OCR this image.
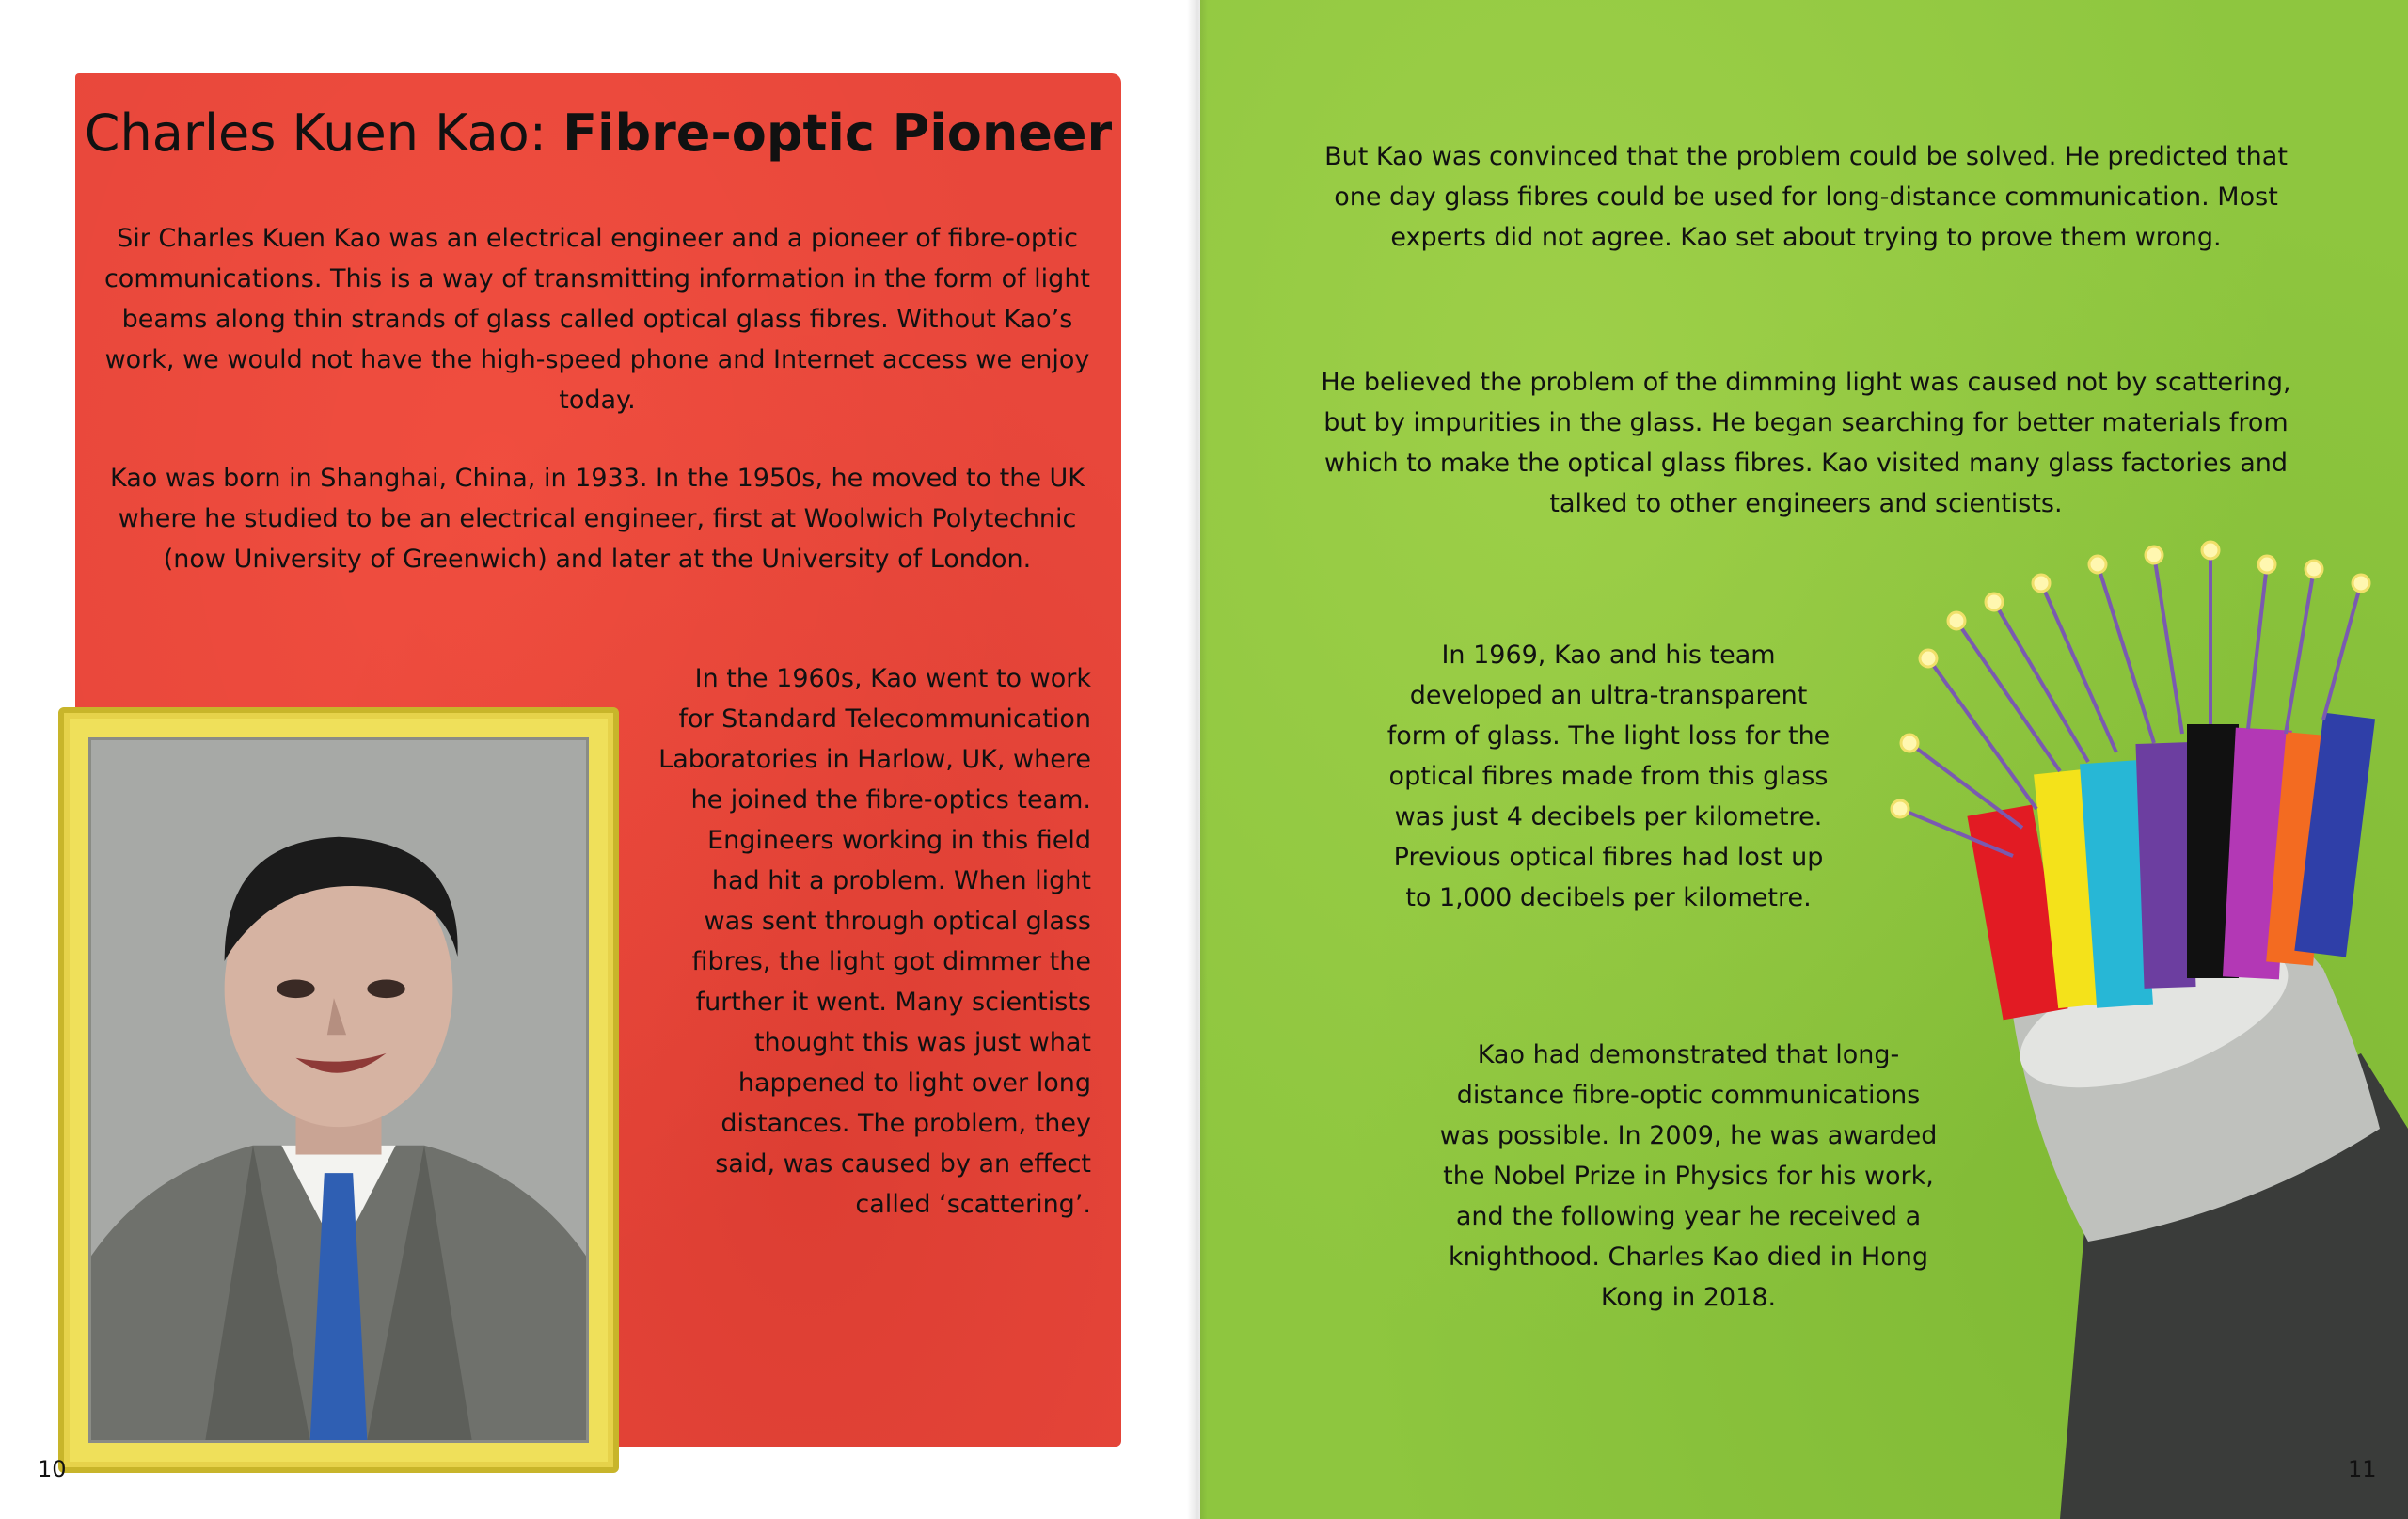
Charles Kuen Kao: Fibre-optic Pioneer

Sir Charles Kuen Kao was an electrical engineer and a pioneer of fibre-optic communications. This is a way of transmitting information in the form of light beams along thin strands of glass called optical glass fibres. Without Kao’s work, we would not have the high-speed phone and Internet access we enjoy today.

Kao was born in Shanghai, China, in 1933. In the 1950s, he moved to the UK where he studied to be an electrical engineer, first at Woolwich Polytechnic (now University of Greenwich) and later at the University of London.

In the 1960s, Kao went to work for Standard Telecommunication Laboratories in Harlow, UK, where he joined the fibre-optics team. Engineers working in this field had hit a problem. When light was sent through optical glass fibres, the light got dimmer the further it went. Many scientists thought this was just what happened to light over long distances. The problem, they said, was caused by an effect called ‘scattering’.

But Kao was convinced that the problem could be solved. He predicted that one day glass fibres could be used for long-distance communication. Most experts did not agree. Kao set about trying to prove them wrong.

He believed the problem of the dimming light was caused not by scattering, but by impurities in the glass. He began searching for better materials from which to make the optical glass fibres. Kao visited many glass factories and talked to other engineers and scientists.

In 1969, Kao and his team developed an ultra-transparent form of glass. The light loss for the optical fibres made from this glass was just 4 decibels per kilometre. Previous optical fibres had lost up to 1,000 decibels per kilometre.

Kao had demonstrated that long-distance fibre-optic communications was possible. In 2009, he was awarded the Nobel Prize in Physics for his work, and the following year he received a knighthood. Charles Kao died in Hong Kong in 2018.

10	11
